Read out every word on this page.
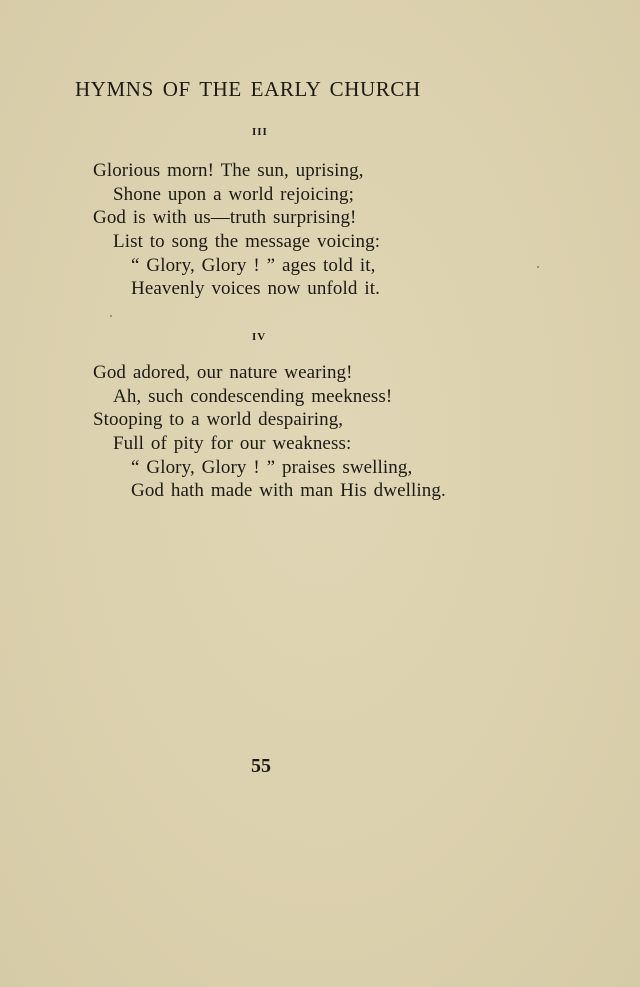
HYMNS OF THE EARLY CHURCH
iii
Glorious morn! The sun, uprising,
Shone upon a world rejoicing;
God is with us—truth surprising!
List to song the message voicing:
“ Glory, Glory ! ” ages told it,
Heavenly voices now unfold it.
iv
God adored, our nature wearing!
Ah, such condescending meekness!
Stooping to a world despairing,
Full of pity for our weakness:
“ Glory, Glory ! ” praises swelling,
God hath made with man His dwelling.
55
